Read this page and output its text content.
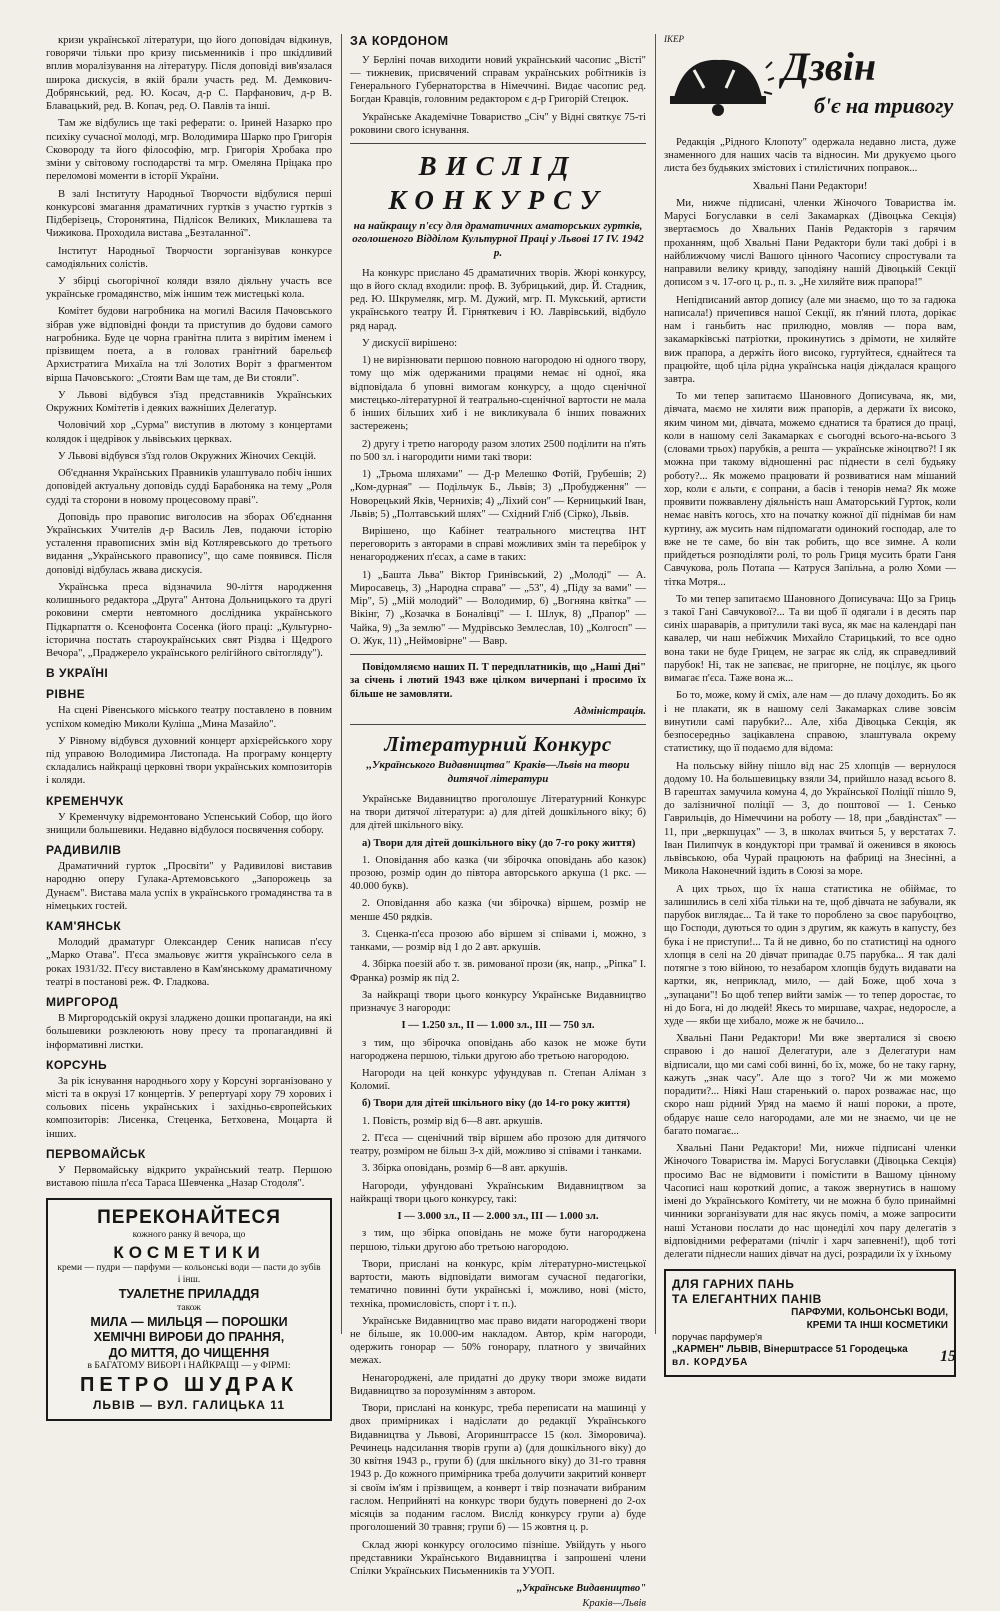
кризи української літератури, що його доповідач відкинув, говорячи тільки про кризу письменників і про шкідливий вплив моралізування на літературу. Після доповіді вив'язалася широка дискусія, в якій брали участь ред. М. Демкович-Добрянський, ред. Ю. Косач, д-р С. Парфанович, д-р В. Блавацький, ред. В. Копач, ред. О. Павлів та інші.

Там же відбулись ще такі реферати: о. Іриней Назарко про психіку сучасної молоді, мгр. Володимира Шарко про Григорія Сковороду та його філософію, мгр. Григорія Хробака про зміни у світовому господарстві та мгр. Омеляна Пріцака про переломові моменти в історії України.

В залі Інституту Народньої Творчости відбулися перші конкурсові змагання драматичних гуртків з участю гуртків з Підберізець, Сторонятина, Підлісок Великих, Миклашева та Чижикова. Проходила вистава „Безталанної".

Інститут Народньої Творчости зорганізував конкурсе самодіяльних солістів.

У збірці сьогорічної коляди взяло діяльну участь все українське громадянство, між іншим теж мистецькі кола.

Комітет будови нагробника на могилі Василя Пачовського зібрав уже відповідні фонди та приступив до будови самого нагробника. Буде це чорна гранітна плита з вирітим іменем і прізвищем поета, а в головах гранітний барельєф Архистратига Михаїла на тлі Золотих Воріт з фрагментом вірша Пачовського: „Стояти Вам ще там, де Ви стояли".

У Львові відбувся з'їзд представників Українських Окружних Комітетів і деяких важніших Делегатур.

Чоловічий хор „Сурма" виступив в лютому з концертами колядок і щедрівок у львівських церквах.

У Львові відбувся з'їзд голов Окружних Жіночих Секцій.

Об'єднання Українських Правників улаштувало побіч інших доповідей актуальну доповідь судді Барабоняка на тему „Роля судді та сторони в новому процесовому праві".

Доповідь про правопис виголосив на зборах Об'єднання Українських Учителів д-р Василь Лев, подаючи історію усталення правописних змін від Котляревського до третього видання „Українського правопису", що саме появився. Після доповіді відбулась жвава дискусія.

Українська преса відзначила 90-ліття народження колишнього редактора „Друга" Антона Дольницького та другі роковини смерти невтомного дослідника українського Підкарпаття о. Ксенофонта Сосенка (його праці: „Культурно-історична постать староукраїнських свят Різдва і Щедрого Вечора", „Праджерело українського релігійного світогляду").

В УКРАЇНІ
РІВНЕ

На сцені Рівенського міського театру поставлено в повним успіхом комедію Миколи Куліша „Мина Мазайло".

У Рівному відбувся духовний концерт архієрейського хору під управою Володимира Листопада. На програму концерту складались найкращі церковні твори українських композиторів і коляди.

КРЕМЕНЧУК

У Кременчуку відремонтовано Успенський Собор, що його знищили большевики. Недавно відбулося посвячення собору.

РАДИВИЛІВ

Драматичний гурток „Просвіти" у Радивилові виставив народню оперу Гулака-Артемовського „Запорожець за Дунаєм". Вистава мала успіх в українського громадянства та в німецьких гостей.

КАМ'ЯНСЬК

Молодий драматург Олександер Сеник написав п'єсу „Марко Отава". П'єса змальовує життя українського села в роках 1931/32. П'єсу виставлено в Кам'янському драматичному театрі в постанові реж. Ф. Гладкова.

МИРГОРОД

В Миргородській окрузі зладжено дошки пропаганди, на які большевики розклеюють нову пресу та пропагандивні й інформативні листки.

КОРСУНЬ

За рік існування народнього хору у Корсуні зорганізовано у місті та в окрузі 17 концертів. У репертуарі хору 79 хорових і сольових пісень українських і західньо-європейських композиторів: Лисенка, Стеценка, Бетховена, Моцарта й інших.

ПЕРВОМАЙСЬК

У Первомайську відкрито український театр. Першою виставою пішла п'єса Тараса Шевченка „Назар Стодоля".

ПЕРЕКОНАЙТЕСЯ
кожного ранку й вечора, що
КОСМЕТИКИ
креми — пудри — парфуми — кольонські води — пасти до зубів і інш.
ТУАЛЕТНЕ ПРИЛАДДЯ
також
МИЛА — МИЛЬЦЯ — ПОРОШКИ
ХЕМІЧНІ ВИРОБИ ДО ПРАННЯ,
ДО МИТТЯ, ДО ЧИЩЕННЯ
в БАГАТОМУ ВИБОРІ і НАЙКРАЩІ — у ФІРМІ:
ПЕТРО ШУДРАК
ЛЬВІВ — ВУЛ. ГАЛИЦЬКА 11
ЗА КОРДОНОМ

У Берліні почав виходити новий український часопис „Вісті" — тижневик, присвячений справам українських робітників із Генерального Губернаторства в Німеччині. Видає часопис ред. Богдан Кравців, головним редактором є д-р Григорій Стецюк.

Українське Академічне Товариство „Січ" у Відні святкує 75-ті роковини свого існування.

ВИСЛІД КОНКУРСУ
на найкращу п'єсу для драматичних аматорських гуртків, оголошеного Відділом Культурної Праці у Львові 17 IV. 1942 р.

На конкурс прислано 45 драматичних творів. Жюрі конкурсу, що в його склад входили: проф. В. Зубрицький, дир. Й. Стадник, ред. Ю. Шкрумеляк, мгр. М. Дужий, мгр. П. Мукський, артисти українського театру Й. Гірняткевич і Ю. Лаврівський, відбуло ряд нарад.

У дискусії вирішено:

1) не вирізнювати першою повною нагородою ні одного твору, тому що між одержаними працями немає ні одної, яка відповідала б уповні вимогам конкурсу, а щодо сценічної мистецько-літературної й театрально-сценічної вартости не мала б інших більших хиб і не викликувала б інших поважних застережень;

2) другу і третю нагороду разом злотих 2500 поділити на п'ять по 500 зл. і нагородити ними такі твори:

1) „Трьома шляхами" — Д-р Мелешко Фотій, Грубешів; 2) „Ком-дурная" — Подільчук Б., Львів; 3) „Пробудження" — Новорецький Яків, Чернихів; 4) „Ліхий сон" — Керницький Іван, Львів; 5) „Полтавський шлях" — Східний Гліб (Сірко), Львів.

Вирішено, що Кабінет театрального мистецтва ІНТ переговорить з авторами в справі можливих змін та перебірок у ненагороджених п'єсах, а саме в таких:

1) „Башта Льва" Віктор Гринівський, 2) „Молоді" — А. Миросавець, 3) „Народна справа" — „53", 4) „Піду за вами" — Мір", 5) „Мій молодий" — Володимир, 6) „Вогняна квітка" — Вікінг, 7) „Козачка в Боналівці" — І. Шлук, 8) „Прапор" — Чайка, 9) „За землю" — Мудрівсько Землеслав, 10) „Колгосп" — О. Жук, 11) „Неймовірне" — Вавр.

Повідомляємо наших П. Т передплатників, що „Наші Дні" за січень і лютий 1943 вже цілком вичерпані і просимо їх більше не замовляти.

Адміністрація.
Літературний Конкурс
,,Українського Видавництва" Краків—Львів на твори дитячої літератури

Українське Видавництво проголошує Літературний Конкурс на твори дитячої літератури: а) для дітей дошкільного віку; б) для дітей шкільного віку.

а) Твори для дітей дошкільного віку (до 7-го року життя)

1. Оповідання або казка (чи збірочка оповідань або казок) прозою, розмір один до півтора авторського аркуша (1 ркс. — 40.000 букв).

2. Оповідання або казка (чи збірочка) віршем, розмір не менше 450 рядків.

3. Сценка-п'єса прозою або віршем зі співами і, можно, з танками, — розмір від 1 до 2 авт. аркушів.

4. Збірка поезій або т. зв. римованої прози (як, напр., „Ріпка" І. Франка) розмір як під 2.

За найкращі твори цього конкурсу Українське Видавництво призначує 3 нагороди:

I — 1.250 зл., II — 1.000 зл., III — 750 зл.

з тим, що збірочка оповідань або казок не може бути нагороджена першою, тільки другою або третьою нагородою.

Нагороди на цей конкурс уфундував п. Степан Аліман з Коломиї.

б) Твори для дітей шкільного віку (до 14-го року життя)

1. Повість, розмір від 6—8 авт. аркушів.

2. П'єса — сценічний твір віршем або прозою для дитячого театру, розміром не більш 3-х дій, можливо зі співами і танками.

3. Збірка оповідань, розмір 6—8 авт. аркушів.

Нагороди, уфундовані Українським Видавництвом за найкращі твори цього конкурсу, такі:

I — 3.000 зл., II — 2.000 зл., III — 1.000 зл.

з тим, що збірка оповідань не може бути нагороджена першою, тільки другою або третьою нагородою.

Твори, прислані на конкурс, крім літературно-мистецької вартости, мають відповідати вимогам сучасної педагогіки, тематично повинні бути українські і, можливо, нові (місто, техніка, промисловість, спорт і т. п.).

Українське Видавництво має право видати нагороджені твори не більше, як 10.000-им накладом. Автор, крім нагороди, одержить гонорар — 50% гонорару, платного у звичайних межах.

Ненагороджені, але придатні до друку твори зможе видати Видавництво за порозумінням з автором.

Твори, прислані на конкурс, треба переписати на машинці у двох примірниках і надіслати до редакції Українського Видавництва у Львові, Агоринштрассе 15 (кол. Зіморовича). Речинець надсилання творів групи а) (для дошкільного віку) до 30 квітня 1943 р., групи б) (для шкільного віку) до 31-го травня 1943 р. До кожного примірника треба долучити закритий конверт зі своїм ім'ям і прізвищем, а конверт і твір позначати вибраним гаслом. Неприйняті на конкурс твори будуть повернені до 2-ох місяців за поданим гаслом. Вислід конкурсу групи а) буде проголошений 30 травня; групи б) — 15 жовтня ц. р.

Склад жюрі конкурсу оголосимо пізніше. Увійдуть у нього представники Українського Видавництва і запрошені члени Спілки Українських Письменників та УУОП.

,,Українське Видавництво"
Краків—Львів
ІКЕР
Дзвін
б'є на тривогу

Редакція „Рідного Клопоту" одержала недавно листа, дуже знаменного для наших часів та відносин. Ми друкуємо цього листа без будьяких змістових і стилістичних поправок...

Хвальні Пани Редактори!

Ми, нижче підписані, членки Жіночого Товариства ім. Марусі Богуславки в селі Закамарках (Дівоцька Секція) звертаємось до Хвальних Панів Редакторів з гарячим проханням, щоб Хвальні Пани Редактори були такі добрі і в найближчому числі Вашого цінного Часопису спростували та направили велику кривду, заподіяну нашій Дівоцькій Секції дописом з ч. 17-ого ц. р., п. з. „Не хиляйте виж прапора!"

Непідписаний автор допису (але ми знаємо, що то за гадюка написала!) причепився нашої Секції, як п'яний плота, дорікає нам і ганьбить нас прилюдно, мовляв — пора вам, закамарківські патріотки, прокинутись з дрімоти, не хиляйте виж прапора, а держіть його високо, гуртуйтеся, єднайтеся та працюйте, щоб ціла рідна українська нація діждалася кращого завтра.

То ми тепер запитаємо Шановного Дописувача, як, ми, дівчата, маємо не хиляти виж прапорів, а держати їх високо, яким чином ми, дівчата, можемо єднатися та братися до праці, коли в нашому селі Закамарках є сьогодні всього-на-всього 3 (словами трьох) парубків, а решта — українське жіноцтво?! І як можна при такому відношенні рас піднести в селі будьяку роботу?... Як можемо працювати й розвиватися нам мішаний хор, коли є альти, є сопрани, а басів і тенорів нема? Як може проявити пожвавлену діяльність наш Аматорський Гурток, коли немає навіть когось, хто на початку кожної дії піднімав би нам куртину, аж мусить нам підпомагати одинокий господар, але то вже не те саме, бо він так робить, що все зимне. А коли прийдеться розподіляти ролі, то роль Гриця мусить брати Ганя Савчукова, роль Потапа — Катруся Запільна, а ролю Хоми — тітка Мотря...

То ми тепер запитаємо Шановного Дописувача: Що за Гриць з такої Гані Савчукової?... Та ви щоб її одягали і в десять пар синіх шараварів, а притулили такі вуса, як має на календарі пан кавалер, чи наш небіжчик Михайло Старицький, то все одно вона таки не буде Грицем, не заграє як слід, як справедливий парубок! Ні, так не запєває, не пригорне, не поцілує, як цього вимагає п'єса. Таже вона ж...

Бо то, може, кому й сміх, але нам — до плачу доходить. Бо як і не плакати, як в нашому селі Закамарках сливе зовсім винутили самі парубки?... Але, хіба Дівоцька Секція, як безпосередньо зацікавлена справою, злаштувала окрему статистику, що її подаємо для відома:

На польську війну пішло від нас 25 хлопців — вернулося додому 10. На большевицьку взяли 34, прийшло назад всього 8. В гарештах замучила комуна 4, до Української Поліції пішло 9, до залізничної поліції — 3, до поштової — 1. Сенько Гаврильців, до Німеччини на роботу — 18, при „бавдінстах" — 11, при „веркшуцах" — 3, в школах вчиться 5, у верстатах 7. Іван Пилипчук в кондукторі при трамваї й оженився в якоюсь львівською, оба Чурай працюють на фабриці на Знесінні, а Микола Наконечний іздить в Союзі за море.

А цих трьох, що їх наша статистика не обіймає, то залишились в селі хіба тільки на те, щоб дівчата не забували, як парубок виглядає... Та й таке то пороблено за своє парубоцтво, що Господи, дуються то один з другим, як кажуть в капусту, без бука і не приступи!... Та й не дивно, бо по статистиці на одного хлопця в селі на 20 дівчат припадає 0.75 парубка... Я так далі потягне з тою війною, то незабаром хлопців будуть видавати на картки, як, неприклад, мило, — дай Боже, щоб хоча з „зупацани"! Бо щоб тепер вийти заміж — то тепер доростає, то ні до Бога, ні до людей! Якесь то миршаве, чахрає, недоросле, а худе — якби ще хибало, може ж не бачило...

Хвальні Пани Редактори! Ми вже зверталися зі своєю справою і до нашої Делегатури, але з Делегатури нам відписали, що ми самі собі винні, бо їх, може, бо не таку гарну, кажуть „знак часу". Але що з того? Чи ж ми можемо порадити?... Ніякі Наш старенький о. парох розважає нас, що скоро наш рідний Уряд на маємо й наші пороки, а проте, обдарує наше село нагородами, але ми не знаємо, чи це не багато помагає...

Хвальні Пани Редактори! Ми, нижче підписані членки Жіночого Товариства ім. Марусі Богуславки (Дівоцька Секція) просимо Вас не відмовити і помістити в Вашому цінному Часописі наш короткий допис, а також звернутись в нашому імені до Українського Комітету, чи не можна б було принаймні чинники зорганізувати для нас якусь поміч, а може запросити наші Установи послати до нас щонеділі хоч пару делегатів з відповідними рефератами (пічліг і харч запевнені!), щоб тоті делегати піднесли наших дівчат на дусі, розрадили їх у їхньому

ДЛЯ ГАРНИХ ПАНЬ
ТА ЕЛЕГАНТНИХ ПАНІВ
ПАРФУМИ, КОЛЬОНСЬКІ ВОДИ,
КРЕМИ ТА ІНШІ КОСМЕТИКИ
поручає парфумер'я
„КАРМЕН" ЛЬВІВ, Вінерштрассе 51 Городецька
вл. КОРДУБА	15
